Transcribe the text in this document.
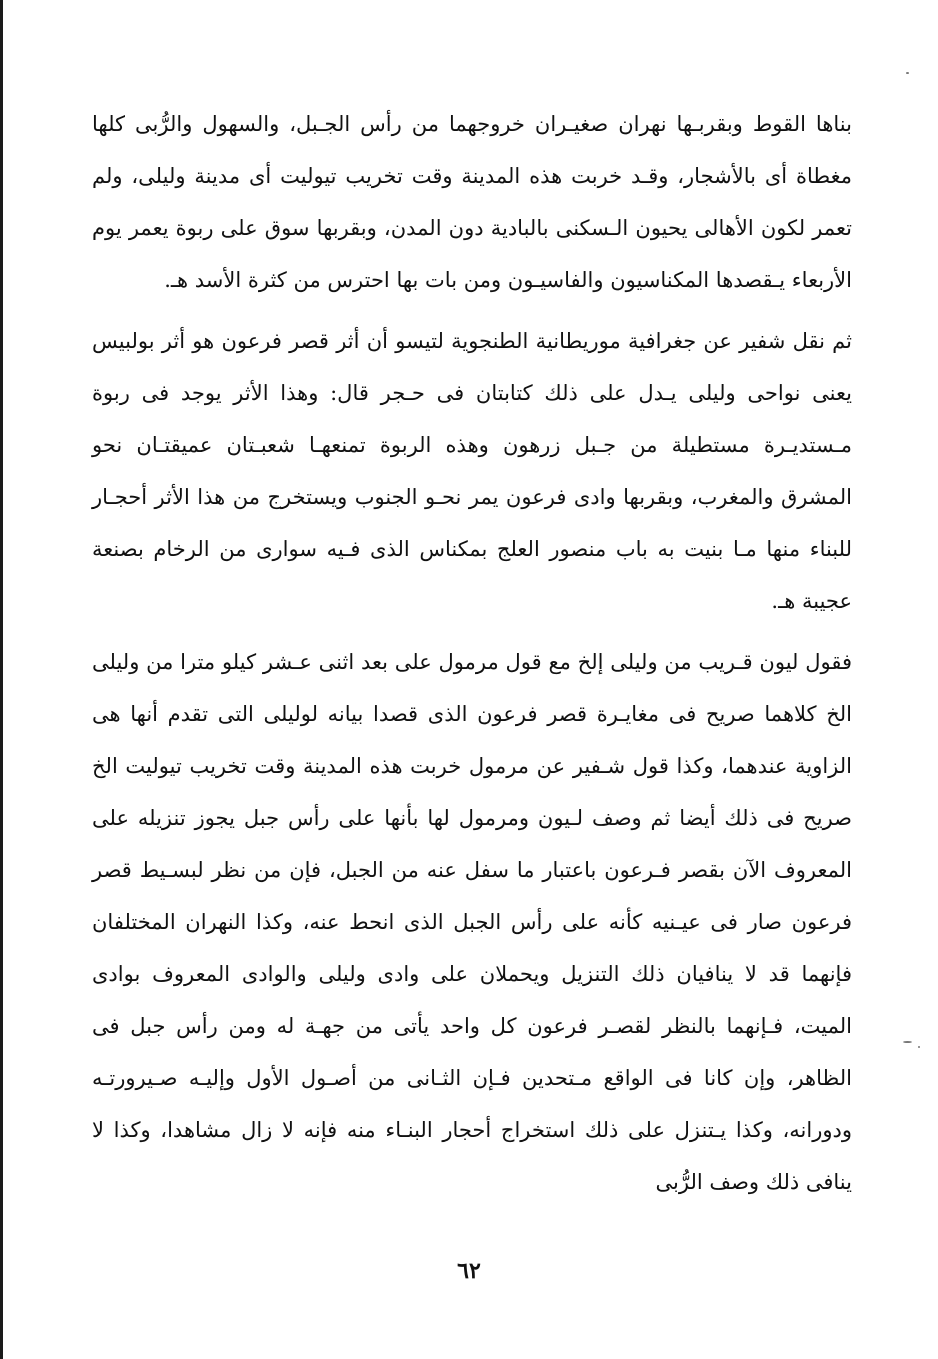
بناها القوط وبقربـها نهران صغيـران خروجهما من رأس الجـبل، والسهول والرُّبى كلها مغطاة أى بالأشجار، وقـد خربت هذه المدينة وقت تخريب تيوليت أى مدينة وليلى، ولم تعمر لكون الأهالى يحيون الـسكنى بالبادية دون المدن، وبقربها سوق على ربوة يعمر يوم الأربعاء يـقصدها المكناسيون والفاسيـون ومن بات بها احترس من كثرة الأسد هـ.

ثم نقل شفير عن جغرافية موريطانية الطنجوية لتيسو أن أثر قصر فرعون هو أثر بولبيس يعنى نواحى وليلى يـدل على ذلك كتابتان فى حـجر قال: وهذا الأثر يوجد فى ربوة مـستديـرة مستطيلة من جـبل زرهون وهذه الربوة تمنعهـا شعبـتان عميقتـان نحو المشرق والمغرب، وبقربها وادى فرعون يمر نحـو الجنوب ويستخرج من هذا الأثر أحجـار للبناء منها مـا بنيت به باب منصور العلج بمكناس الذى فـيه سوارى من الرخام بصنعة عجيبة هـ.

فقول ليون قـريب من وليلى إلخ مع قول مرمول على بعد اثنى عـشر كيلو مترا من وليلى الخ كلاهما صريح فى مغايـرة قصر فرعون الذى قصدا بيانه لوليلى التى تقدم أنها هى الزاوية عندهما، وكذا قول شـفير عن مرمول خربت هذه المدينة وقت تخريب تيوليت الخ صريح فى ذلك أيضا ثم وصف لـيون ومرمول لها بأنها على رأس جبل يجوز تنزيله على المعروف الآن بقصر فـرعون باعتبار ما سفل عنه من الجبل، فإن من نظر لبسـيط قصر فرعون صار فى عيـنيه كأنه على رأس الجبل الذى انحط عنه، وكذا النهران المختلفان فإنهما قد لا ينافيان ذلك التنزيل ويحملان على وادى وليلى والوادى المعروف بوادى الميت، فـإنهما بالنظر لقصـر فرعون كل واحد يأتى من جهـة له ومن رأس جبل فى الظاهر، وإن كانا فى الواقع مـتحدين فـإن الثـانى من أصـول الأول وإليـه صـيرورتـه ودورانه، وكذا يـتنزل على ذلك استخراج أحجار البنـاء منه فإنه لا زال مشاهدا، وكذا لا ينافى ذلك وصف الرُّبى

٦٢
